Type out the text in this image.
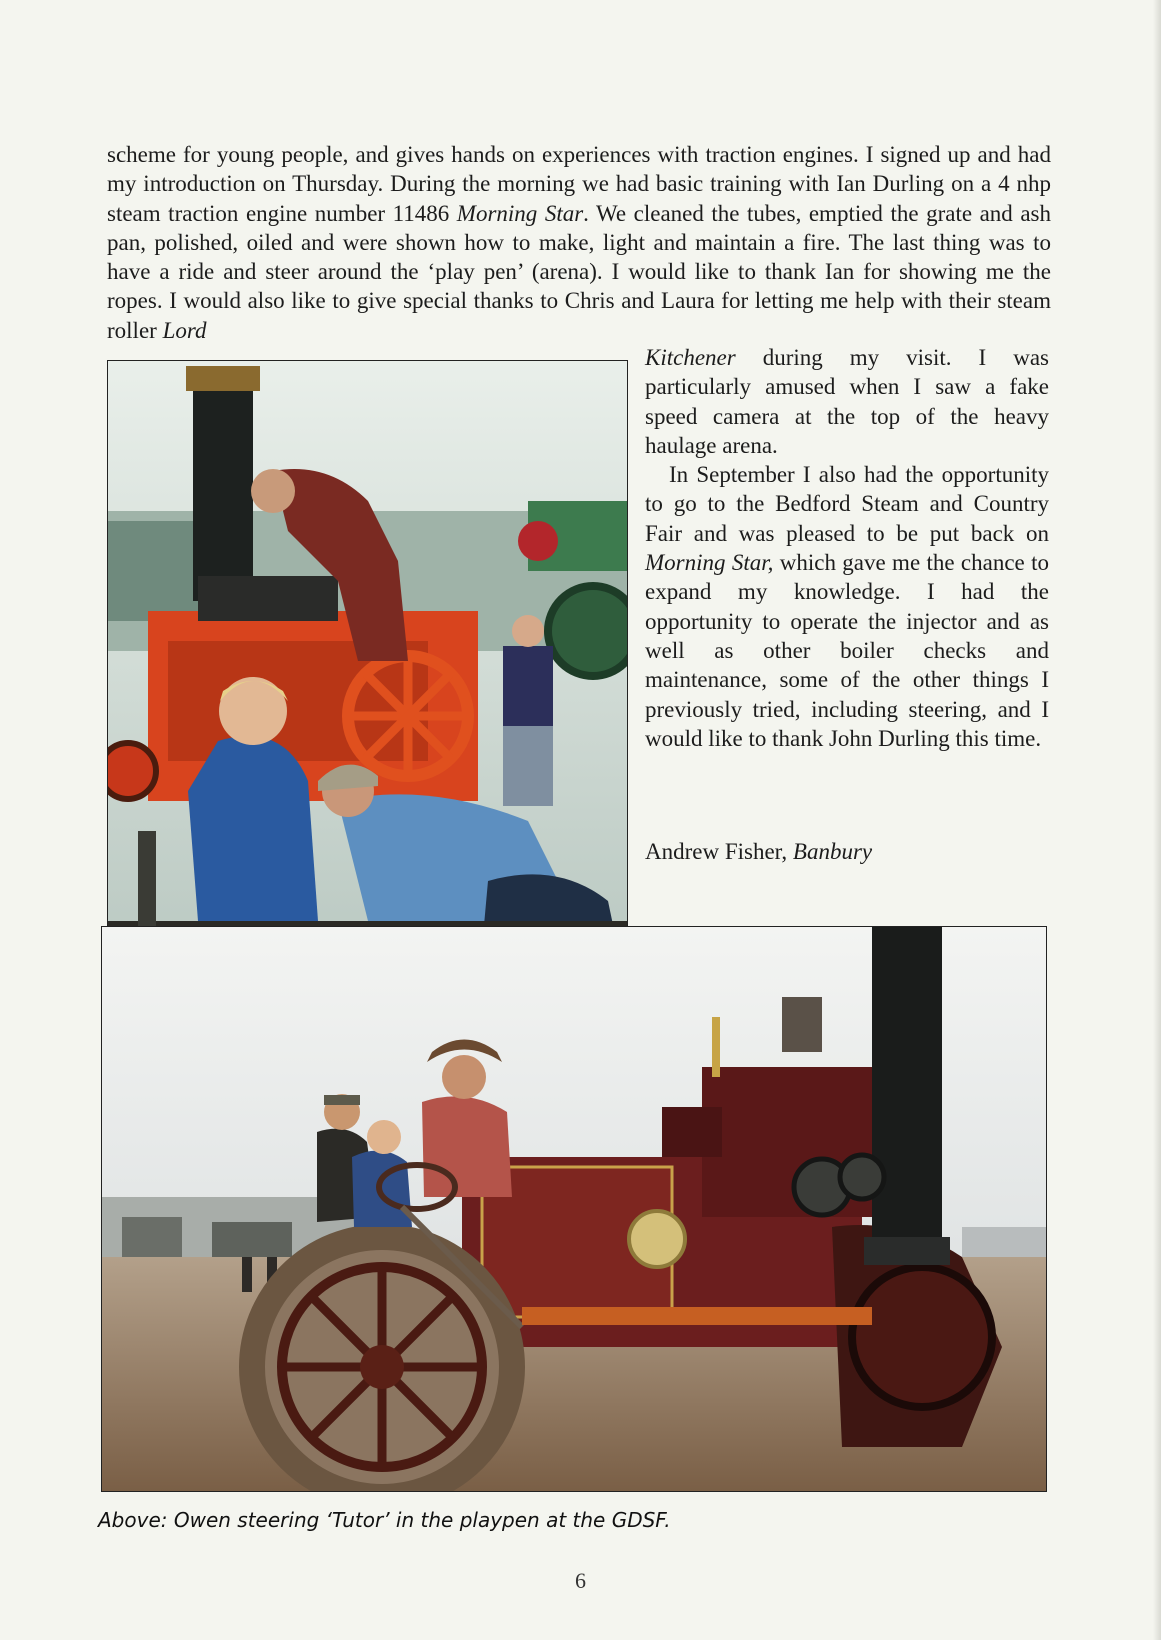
scheme for young people, and gives hands on experiences with traction engines. I signed up and had my introduction on Thursday. During the morning we had basic training with Ian Durling on a 4 nhp steam traction engine number 11486 Morning Star. We cleaned the tubes, emptied the grate and ash pan, polished, oiled and were shown how to make, light and maintain a fire. The last thing was to have a ride and steer around the ‘play pen’ (arena). I would like to thank Ian for showing me the ropes. I would also like to give special thanks to Chris and Laura for letting me help with their steam roller Lord

Kitchener during my visit. I was particularly amused when I saw a fake speed camera at the top of the heavy haulage arena.

In September I also had the opportunity to go to the Bedford Steam and Country Fair and was pleased to be put back on Morning Star, which gave me the chance to expand my knowledge. I had the opportunity to operate the injector and as well as other boiler checks and maintenance, some of the other things I previously tried, including steering, and I would like to thank John Durling this time.

Andrew Fisher, Banbury
Above: Owen steering ‘Tutor’ in the playpen at the GDSF.
6
